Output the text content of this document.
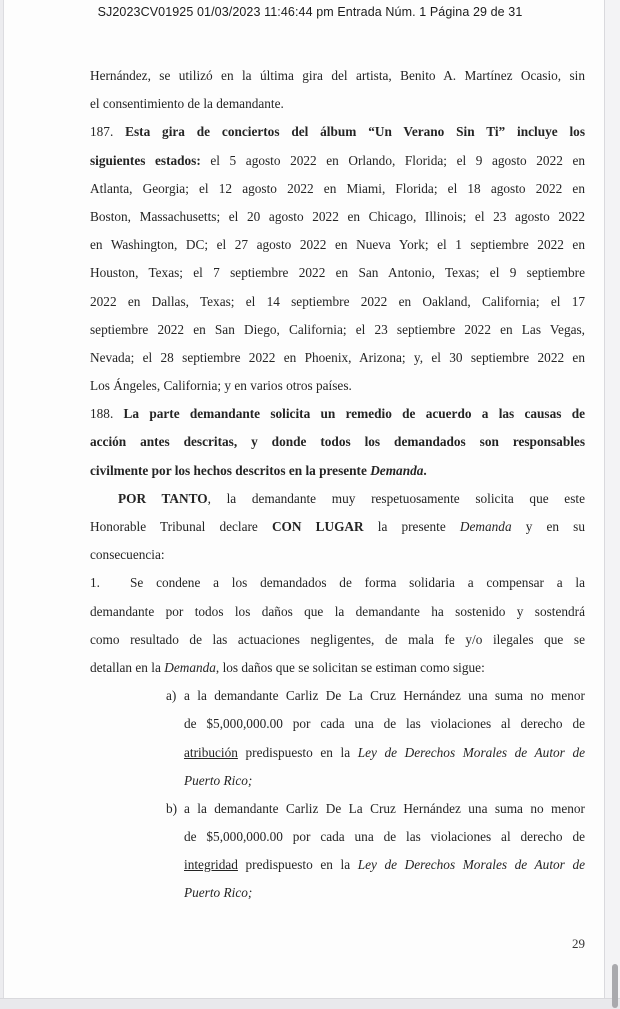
SJ2023CV01925 01/03/2023 11:46:44 pm Entrada Núm. 1 Página 29 de 31
Hernández, se utilizó en la última gira del artista, Benito A. Martínez Ocasio, sin
el consentimiento de la demandante.
187. Esta gira de conciertos del álbum “Un Verano Sin Ti” incluye los
siguientes estados: el 5 agosto 2022 en Orlando, Florida; el 9 agosto 2022 en
Atlanta, Georgia; el 12 agosto 2022 en Miami, Florida; el 18 agosto 2022 en
Boston, Massachusetts; el 20 agosto 2022 en Chicago, Illinois; el 23 agosto 2022
en Washington, DC; el 27 agosto 2022 en Nueva York; el 1 septiembre 2022 en
Houston, Texas; el 7 septiembre 2022 en San Antonio, Texas; el 9 septiembre
2022 en Dallas, Texas; el 14 septiembre 2022 en Oakland, California; el 17
septiembre 2022 en San Diego, California; el 23 septiembre 2022 en Las Vegas,
Nevada; el 28 septiembre 2022 en Phoenix, Arizona; y, el 30 septiembre 2022 en
Los Ángeles, California; y en varios otros países.
188. La parte demandante solicita un remedio de acuerdo a las causas de
acción antes descritas, y donde todos los demandados son responsables
civilmente por los hechos descritos en la presente Demanda.
POR TANTO, la demandante muy respetuosamente solicita que este
Honorable Tribunal declare CON LUGAR la presente Demanda y en su
consecuencia:
1. Se condene a los demandados de forma solidaria a compensar a la
demandante por todos los daños que la demandante ha sostenido y sostendrá
como resultado de las actuaciones negligentes, de mala fe y/o ilegales que se
detallan en la Demanda, los daños que se solicitan se estiman como sigue:
a) a la demandante Carliz De La Cruz Hernández una suma no menor
de $5,000,000.00 por cada una de las violaciones al derecho de
atribución predispuesto en la Ley de Derechos Morales de Autor de
Puerto Rico;
b) a la demandante Carliz De La Cruz Hernández una suma no menor
de $5,000,000.00 por cada una de las violaciones al derecho de
integridad predispuesto en la Ley de Derechos Morales de Autor de
Puerto Rico;
29
